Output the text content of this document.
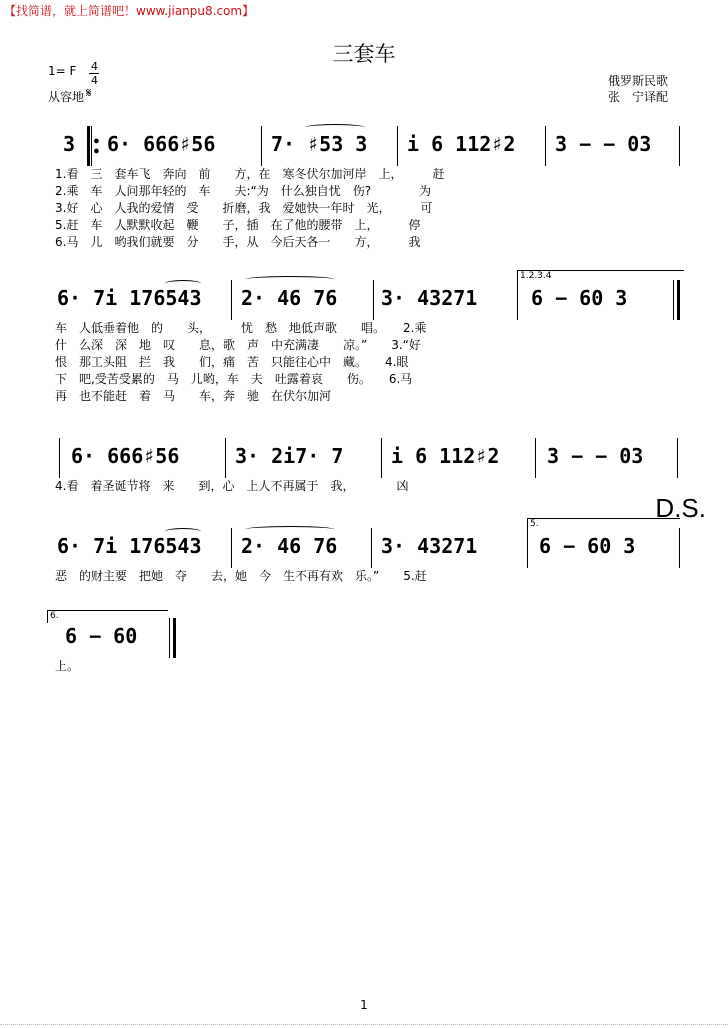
【找简谱，就上简谱吧！www.jianpu8.com】
三套车
1= F 4
4
从容地 𝄋
俄罗斯民歌
张　宁译配
3 ●
● 6· 666♯56	7· ♯53 3 i 6 112♯2 3 − − 03
1.看　三　套车飞　奔向　前　　方，在　寒冬伏尔加河岸　上，　　　赶
2.乘　车　人问那年轻的　车　　夫:“为　什么独自忧　伤?　　　　为
3.好　心　人我的爱情　受　　折磨，我　爱她快一年时　光，　　　可
5.赶　车　人默默收起　鞭　　子，插　在了他的腰带　上，　　　停
6.马　儿　哟我们就要　分　　手，从　今后天各一　　方，　　　我
1.2.3.4
6· 7i 176543 2· 46 76 3· 43271	6 − 60 3
车　人低垂着他　的　　头，　　　忧　愁　地低声歌　　唱。　　2.乘
什　么深　深　地　叹　　息，歌　声　中充满凄　　凉。”　　3.“好
恨　那工头阻　拦　我　　们，痛　苦　只能往心中　藏。　　4.眼
下　吧,受苦受累的　马　儿哟，车　夫　吐露着哀　　伤。　　6.马
再　也不能赶　着　马　　车，奔　驰　在伏尔加河
6· 666♯56	3· 2i7· 7 i 6 112♯2 3 − − 03
4.看　着圣诞节将　来　　到，心　上人不再属于　我，　　　　凶
D.S.
5.
6· 7i 176543 2· 46 76 3· 43271	6 − 60 3
恶　的财主要　把她　夺　　去，她　今　生不再有欢　乐。”　　5.赶
6.
6 − 60
上。
1
